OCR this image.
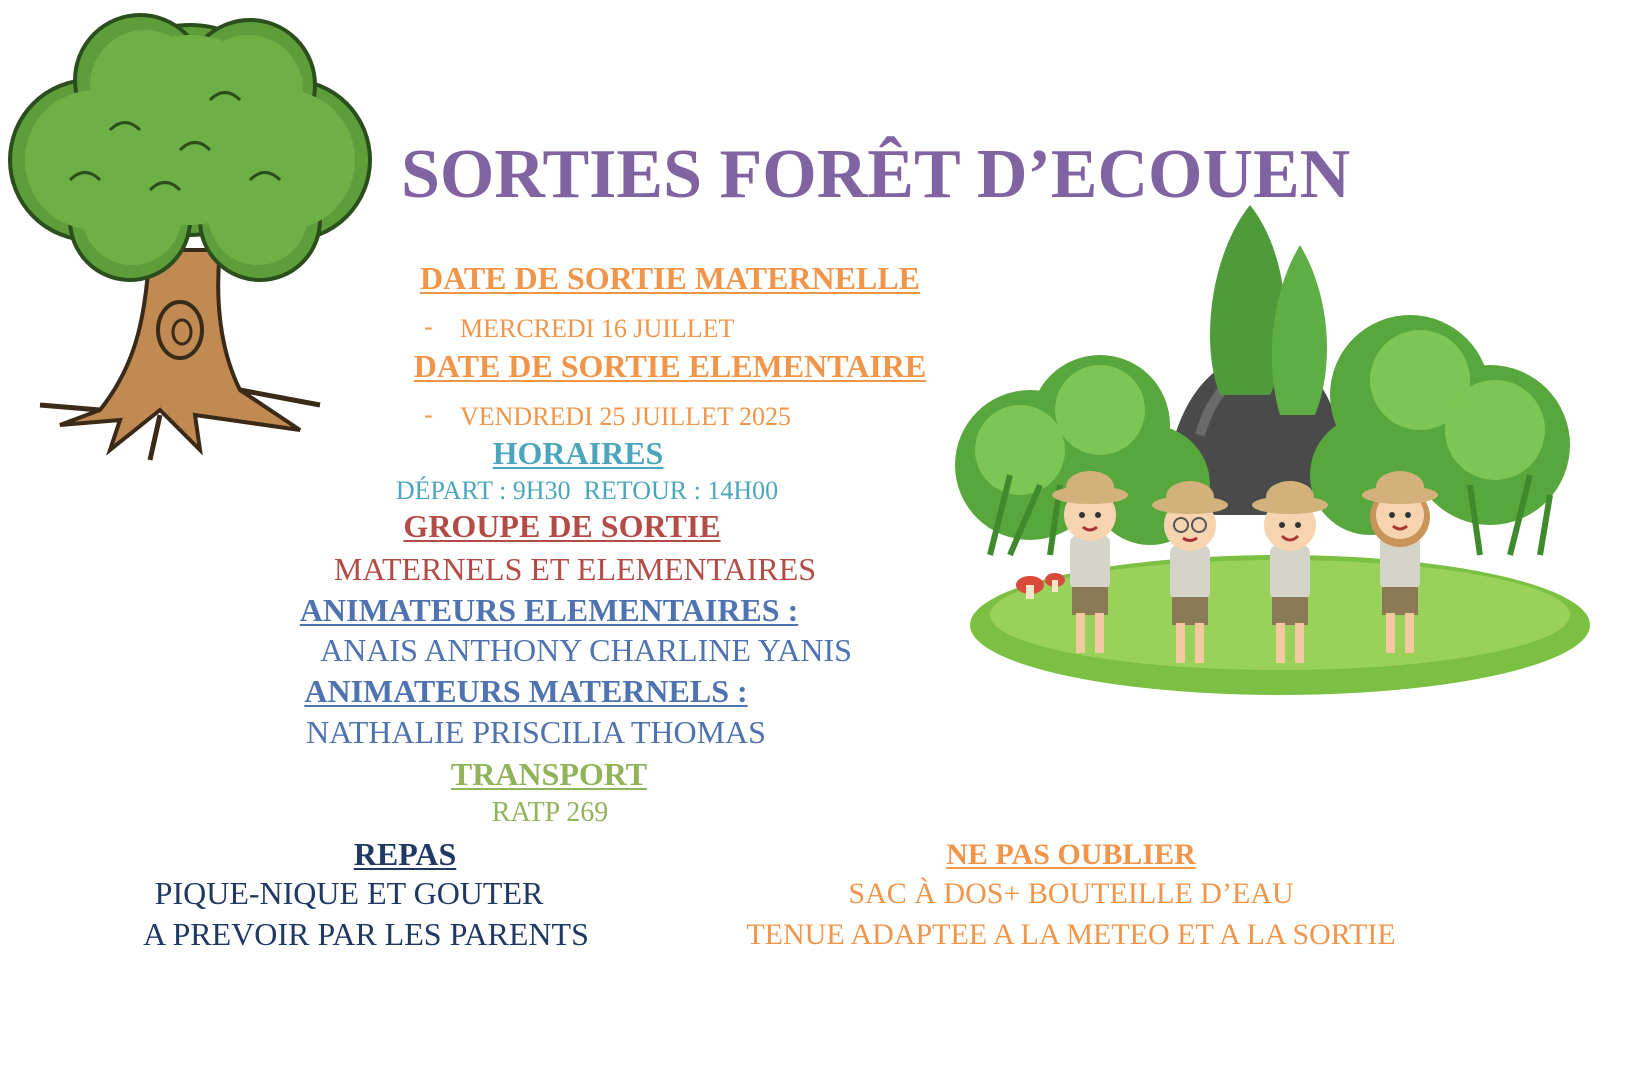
SORTIES FORÊT D’ECOUEN
DATE DE SORTIE MATERNELLE
- MERCREDI 16 JUILLET
DATE DE SORTIE ELEMENTAIRE
- VENDREDI 25 JUILLET 2025
HORAIRES
DÉPART : 9H30  RETOUR : 14H00
GROUPE DE SORTIE
MATERNELS ET ELEMENTAIRES
ANIMATEURS ELEMENTAIRES :
ANAIS ANTHONY CHARLINE YANIS
ANIMATEURS MATERNELS :
NATHALIE PRISCILIA THOMAS
TRANSPORT
RATP 269
REPAS
PIQUE-NIQUE ET GOUTER
A PREVOIR PAR LES PARENTS
NE PAS OUBLIER
SAC À DOS+ BOUTEILLE D’EAU
TENUE ADAPTEE A LA METEO ET A LA SORTIE
